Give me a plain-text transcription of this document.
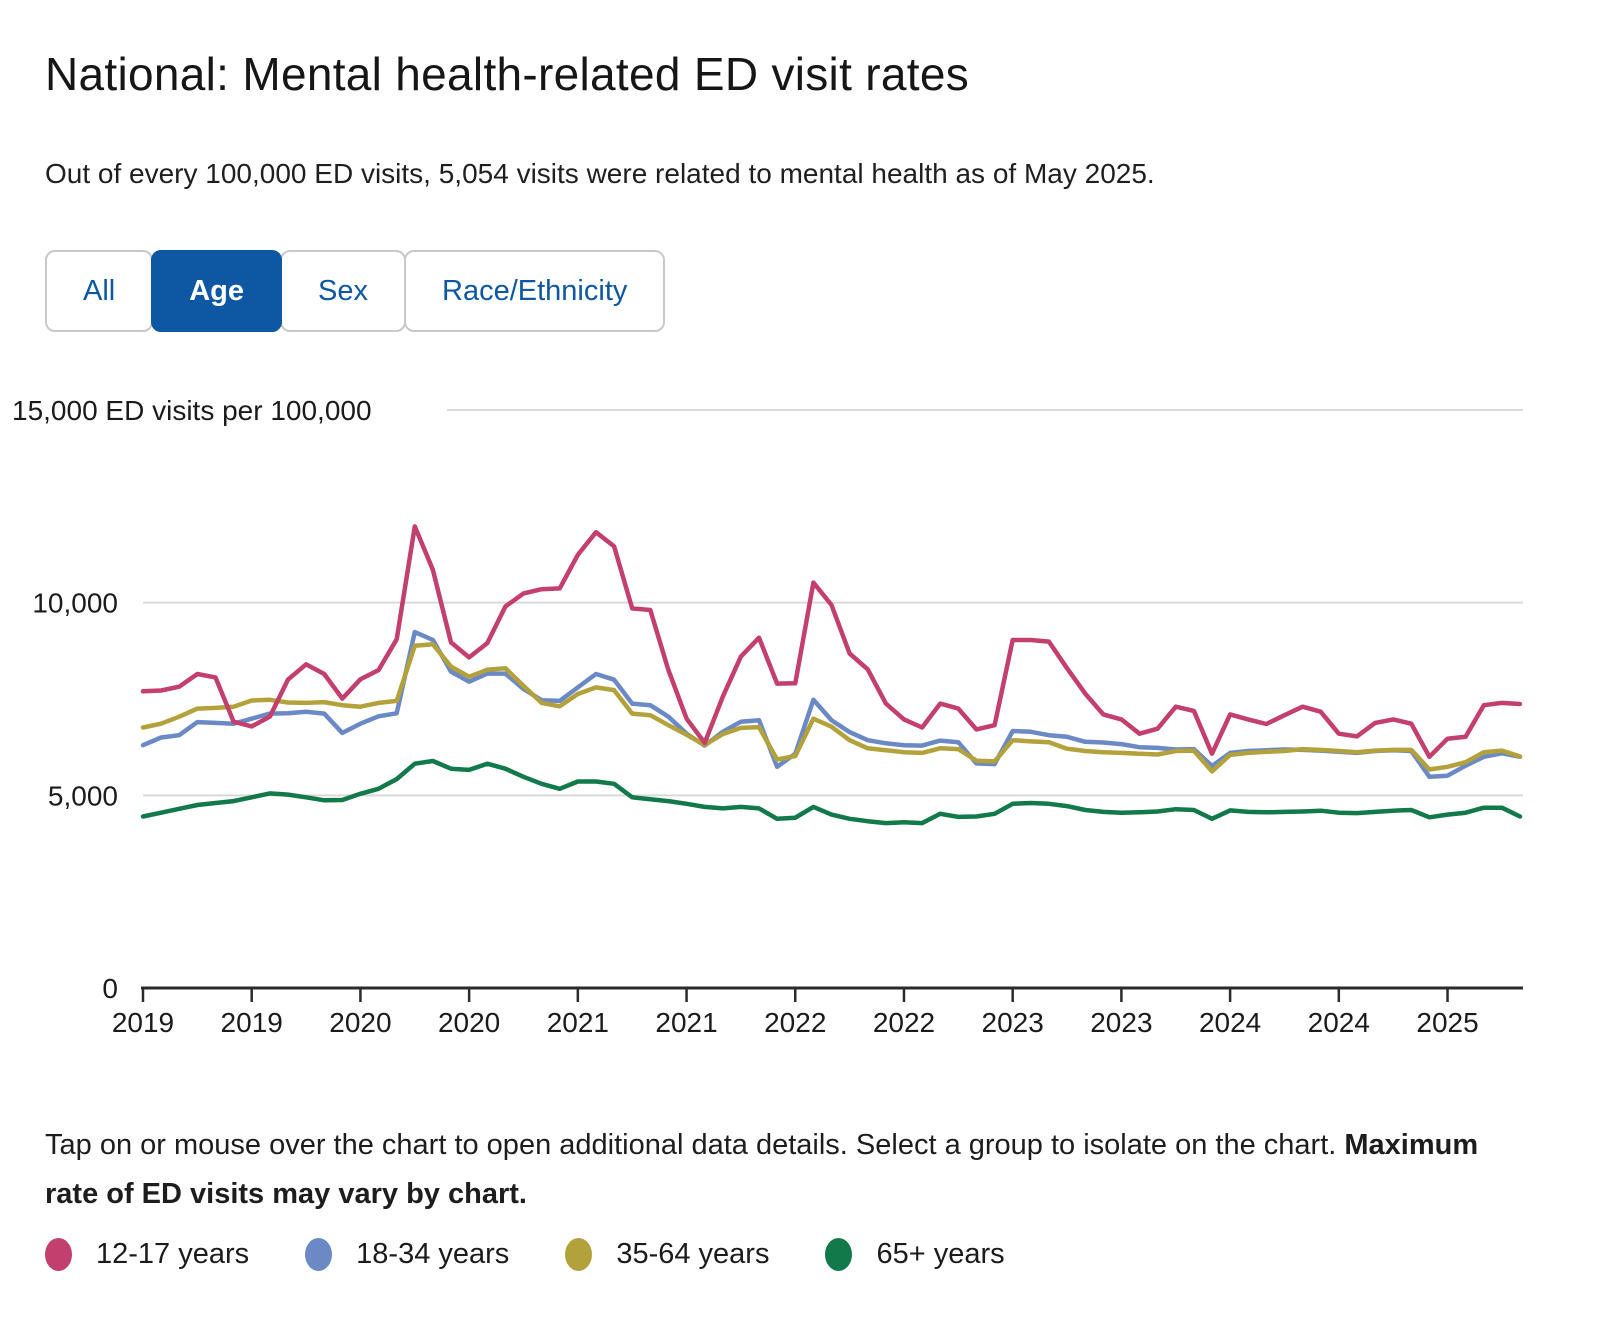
National: Mental health-related ED visit rates

Out of every 100,000 ED visits, 5,054 visits were related to mental health as of May 2025.

All	Age	Sex	Race/Ethnicity
0
5,000
10,000
15,000 ED visits per 100,000
2019 2019 2020 2020 2021 2021 2022 2022 2023 2023 2024 2024 2025

Tap on or mouse over the chart to open additional data details. Select a group to isolate on the chart. Maximum rate of ED visits may vary by chart.

12-17 years	18-34 years	35-64 years	65+ years
